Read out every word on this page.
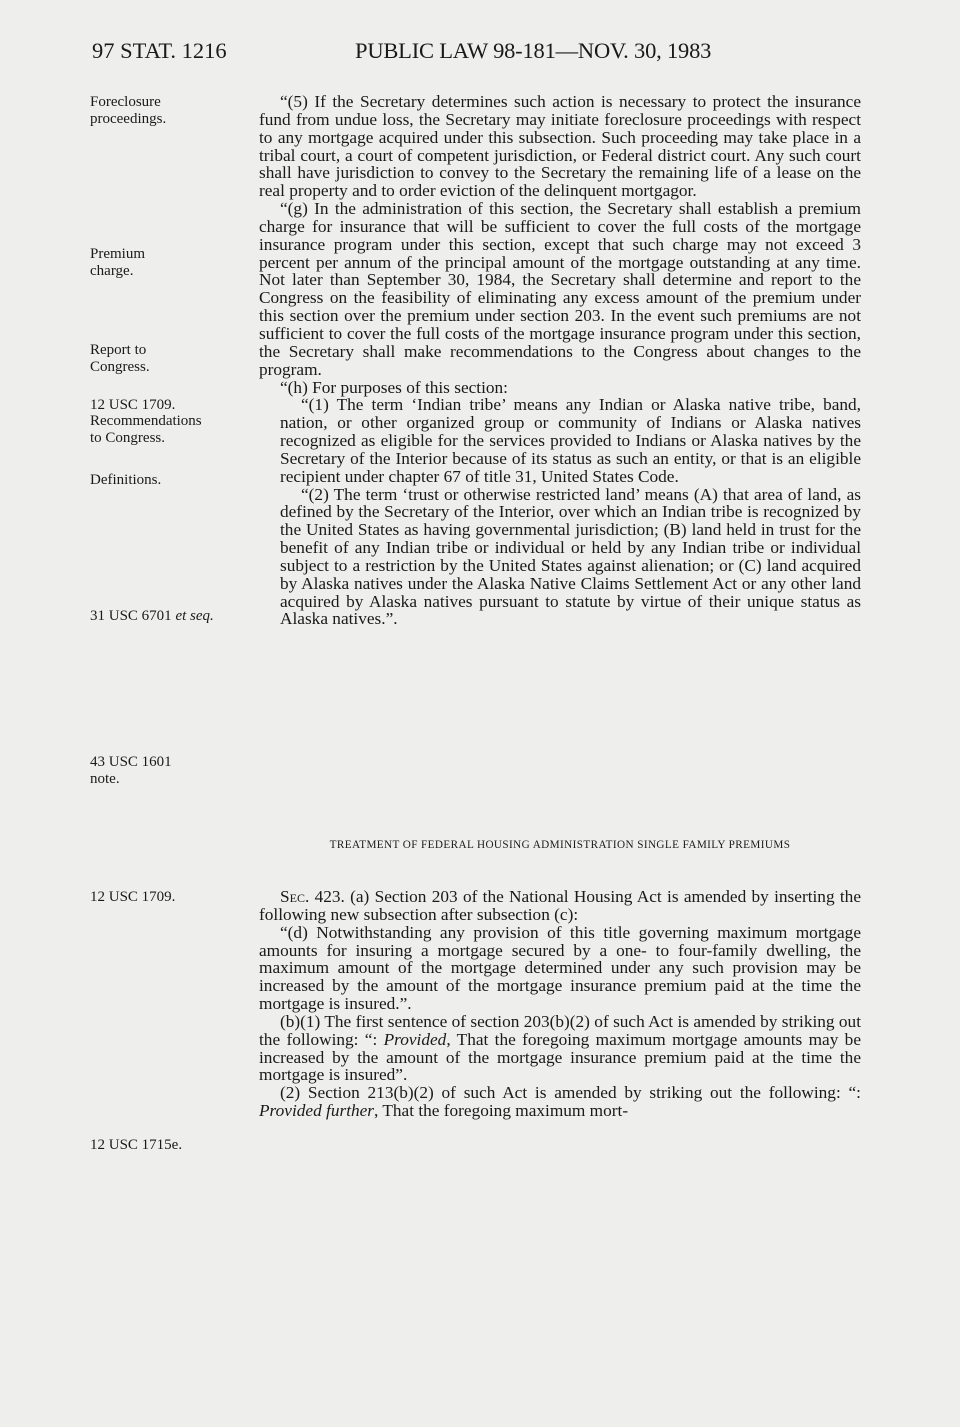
97 STAT. 1216	PUBLIC LAW 98-181—NOV. 30, 1983
Foreclosure proceedings.
Premium charge.
Report to Congress.
12 USC 1709.
Recommendations to Congress.
Definitions.
31 USC 6701 et seq.
43 USC 1601 note.
12 USC 1709.
12 USC 1715e.

“(5) If the Secretary determines such action is necessary to protect the insurance fund from undue loss, the Secretary may initiate foreclosure proceedings with respect to any mortgage acquired under this subsection. Such proceeding may take place in a tribal court, a court of competent jurisdiction, or Federal district court. Any such court shall have jurisdiction to convey to the Secretary the remaining life of a lease on the real property and to order eviction of the delinquent mortgagor.

“(g) In the administration of this section, the Secretary shall establish a premium charge for insurance that will be sufficient to cover the full costs of the mortgage insurance program under this section, except that such charge may not exceed 3 percent per annum of the principal amount of the mortgage outstanding at any time. Not later than September 30, 1984, the Secretary shall determine and report to the Congress on the feasibility of eliminating any excess amount of the premium under this section over the premium under section 203. In the event such premiums are not sufficient to cover the full costs of the mortgage insurance program under this section, the Secretary shall make recommendations to the Congress about changes to the program.

“(h) For purposes of this section:

“(1) The term ‘Indian tribe’ means any Indian or Alaska native tribe, band, nation, or other organized group or community of Indians or Alaska natives recognized as eligible for the services provided to Indians or Alaska natives by the Secretary of the Interior because of its status as such an entity, or that is an eligible recipient under chapter 67 of title 31, United States Code.

“(2) The term ‘trust or otherwise restricted land’ means (A) that area of land, as defined by the Secretary of the Interior, over which an Indian tribe is recognized by the United States as having governmental jurisdiction; (B) land held in trust for the benefit of any Indian tribe or individual or held by any Indian tribe or individual subject to a restriction by the United States against alienation; or (C) land acquired by Alaska natives under the Alaska Native Claims Settlement Act or any other land acquired by Alaska natives pursuant to statute by virtue of their unique status as Alaska natives.”.

TREATMENT OF FEDERAL HOUSING ADMINISTRATION SINGLE FAMILY PREMIUMS

Sec. 423. (a) Section 203 of the National Housing Act is amended by inserting the following new subsection after subsection (c):

“(d) Notwithstanding any provision of this title governing maximum mortgage amounts for insuring a mortgage secured by a one- to four-family dwelling, the maximum amount of the mortgage determined under any such provision may be increased by the amount of the mortgage insurance premium paid at the time the mortgage is insured.”.

(b)(1) The first sentence of section 203(b)(2) of such Act is amended by striking out the following: “: Provided, That the foregoing maximum mortgage amounts may be increased by the amount of the mortgage insurance premium paid at the time the mortgage is insured”.

(2) Section 213(b)(2) of such Act is amended by striking out the following: “: Provided further, That the foregoing maximum mort-
